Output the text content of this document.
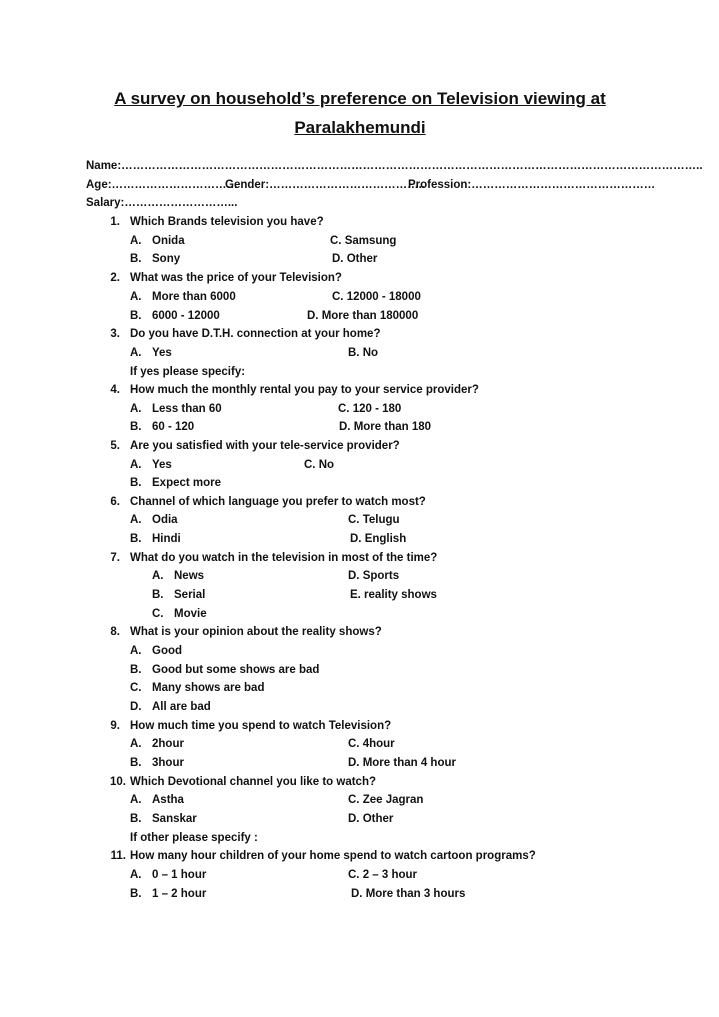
A survey on household’s preference on Television viewing at
Paralakhemundi
Name:……………………………………………………………………………………………………………………………………..
Age:……………………………
Gender:…………………………………..
Profession:…………………………………………
Salary:………………………...
1. Which Brands television you have?
A. Onida	C. Samsung
B. Sony	D. Other
2. What was the price of your Television?
A. More than 6000	C. 12000 - 18000
B. 6000 - 12000	D. More than 180000
3. Do you have D.T.H. connection at your home?
A. Yes	B. No
If yes please specify:
4. How much the monthly rental you pay to your service provider?
A. Less than 60	C. 120 - 180
B. 60 - 120	D. More than 180
5. Are you satisfied with your tele-service provider?
A. Yes	C. No
B. Expect more
6. Channel of which language you prefer to watch most?
A. Odia	C. Telugu
B. Hindi	D. English
7. What do you watch in the television in most of the time?
A. News	D. Sports
B. Serial	E. reality shows
C. Movie
8. What is your opinion about the reality shows?
A. Good
B. Good but some shows are bad
C. Many shows are bad
D. All are bad
9. How much time you spend to watch Television?
A. 2hour	C. 4hour
B. 3hour	D. More than 4 hour
10. Which Devotional channel you like to watch?
A. Astha	C. Zee Jagran
B. Sanskar	D. Other
If other please specify :
11. How many hour children of your home spend to watch cartoon programs?
A. 0 – 1 hour	C. 2 – 3 hour
B. 1 – 2 hour	D. More than 3 hours
